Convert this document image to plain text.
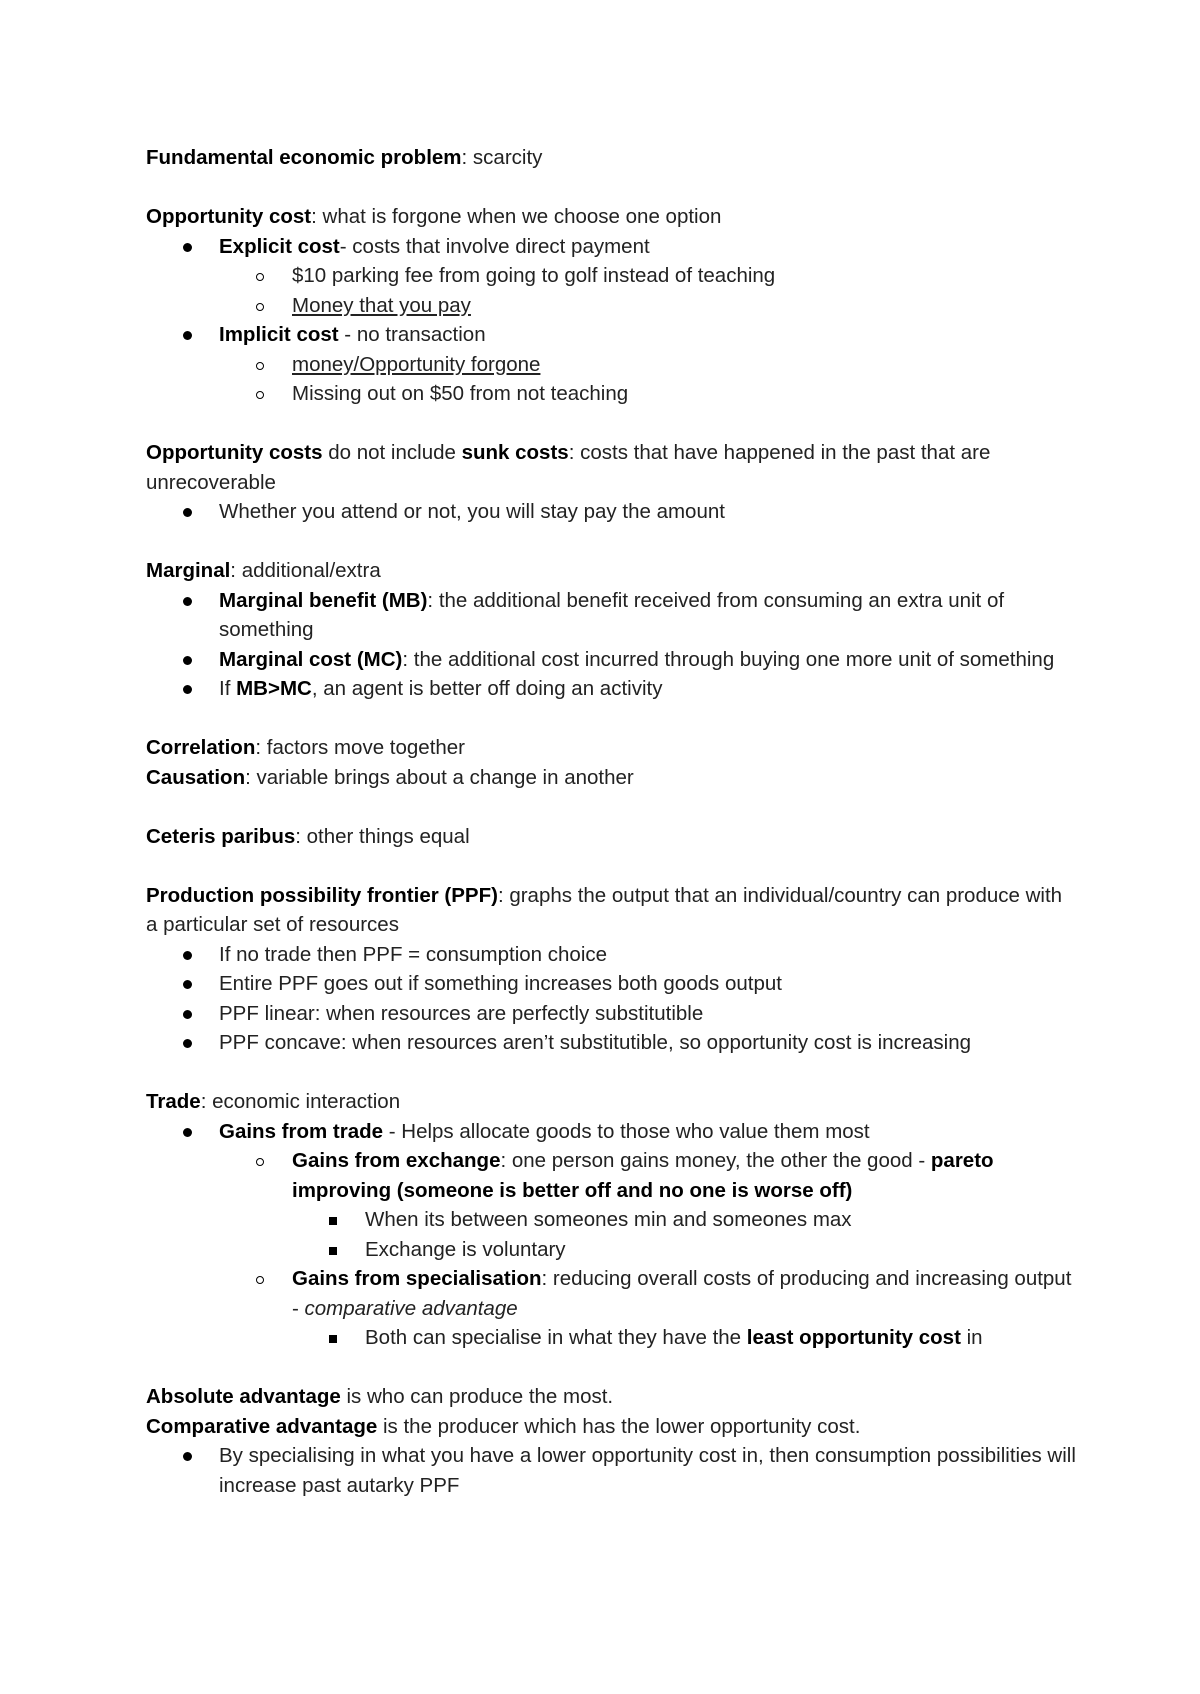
Fundamental economic problem: scarcity

Opportunity cost: what is forgone when we choose one option

Explicit cost- costs that involve direct payment
$10 parking fee from going to golf instead of teaching
Money that you pay
Implicit cost - no transaction
money/Opportunity forgone
Missing out on $50 from not teaching

Opportunity costs do not include sunk costs: costs that have happened in the past that are unrecoverable

Whether you attend or not, you will stay pay the amount

Marginal: additional/extra

Marginal benefit (MB): the additional benefit received from consuming an extra unit of something
Marginal cost (MC): the additional cost incurred through buying one more unit of something
If MB>MC, an agent is better off doing an activity

Correlation: factors move together

Causation: variable brings about a change in another

Ceteris paribus: other things equal

Production possibility frontier (PPF): graphs the output that an individual/country can produce with a particular set of resources

If no trade then PPF = consumption choice
Entire PPF goes out if something increases both goods output
PPF linear: when resources are perfectly substitutible
PPF concave: when resources aren’t substitutible, so opportunity cost is increasing

Trade: economic interaction

Gains from trade - Helps allocate goods to those who value them most
Gains from exchange: one person gains money, the other the good - pareto improving (someone is better off and no one is worse off)
When its between someones min and someones max
Exchange is voluntary
Gains from specialisation: reducing overall costs of producing and increasing output - comparative advantage
Both can specialise in what they have the least opportunity cost in

Absolute advantage is who can produce the most.

Comparative advantage is the producer which has the lower opportunity cost.

By specialising in what you have a lower opportunity cost in, then consumption possibilities will increase past autarky PPF
